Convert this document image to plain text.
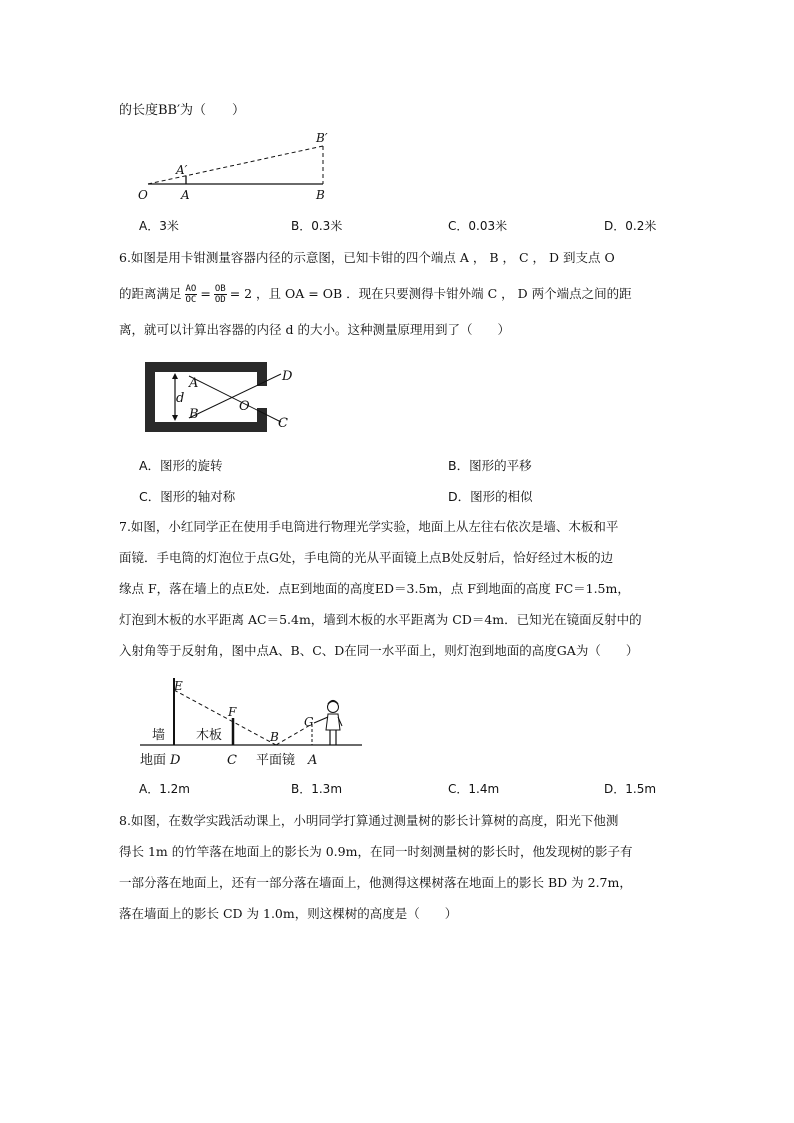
的长度BB′为（　　）
O	A	B
A′
B′
A．3米	B．0.3米	C．0.03米	D．0.2米
6.如图是用卡钳测量容器内径的示意图，已知卡钳的四个端点 A ， B ， C ， D 到支点 O
的距离满足 $\frac{AO}{OC} = \frac{OB}{OD} = 2$ ，且 OA = OB ．现在只要测得卡钳外端 C ， D 两个端点之间的距
离，就可以计算出容器的内径 d 的大小。这种测量原理用到了（　　）
A
B
O
D
C
d
A．图形的旋转	B．图形的平移
C．图形的轴对称	D．图形的相似
7.如图，小红同学正在使用手电筒进行物理光学实验，地面上从左往右依次是墙、木板和平
面镜．手电筒的灯泡位于点G处，手电筒的光从平面镜上点B处反射后，恰好经过木板的边
缘点 F，落在墙上的点E处．点E到地面的高度ED＝3.5m，点 F到地面的高度 FC＝1.5m，
灯泡到木板的水平距离 AC＝5.4m，墙到木板的水平距离为 CD＝4m．已知光在镜面反射中的
入射角等于反射角，图中点A、B、C、D在同一水平面上，则灯泡到地面的高度GA为（　　）
E
F
G
B
墙 木板
地面 D	C 平面镜 A
A．1.2m	B．1.3m	C．1.4m	D．1.5m
8.如图，在数学实践活动课上，小明同学打算通过测量树的影长计算树的高度，阳光下他测
得长 1m 的竹竿落在地面上的影长为 0.9m，在同一时刻测量树的影长时，他发现树的影子有
一部分落在地面上，还有一部分落在墙面上，他测得这棵树落在地面上的影长 BD 为 2.7m，
落在墙面上的影长 CD 为 1.0m，则这棵树的高度是（　　）
